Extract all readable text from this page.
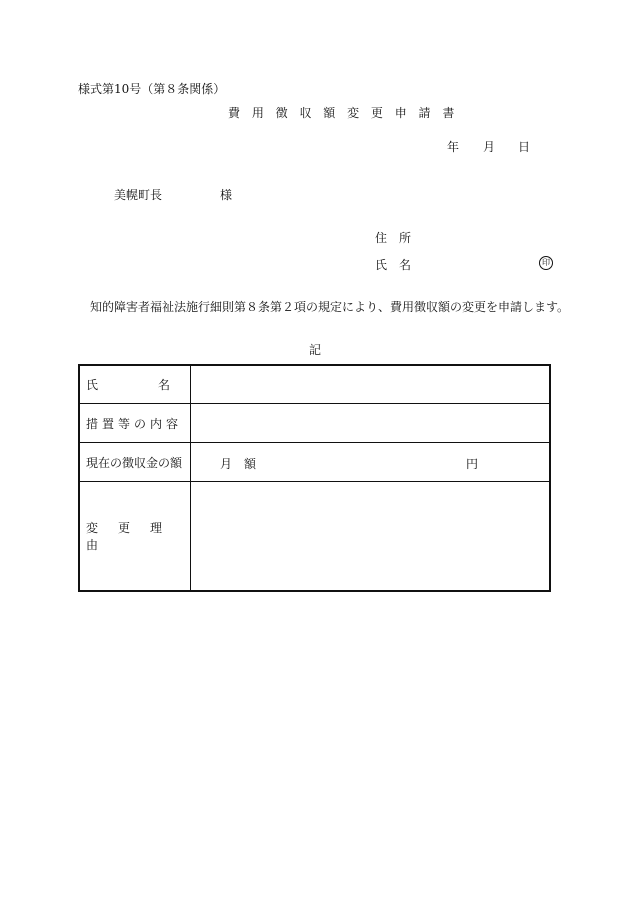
様式第10号（第８条関係）
費 用 徴 収 額 変 更 申 請 書
年 月 日
美幌町長	様
住　所
氏　名	印
知的障害者福祉法施行細則第８条第２項の規定により、費用徴収額の変更を申請します。
記
氏　　　　　名
措置等の内容
現在の徴収金の額	月　額	円
変　更　理　由
